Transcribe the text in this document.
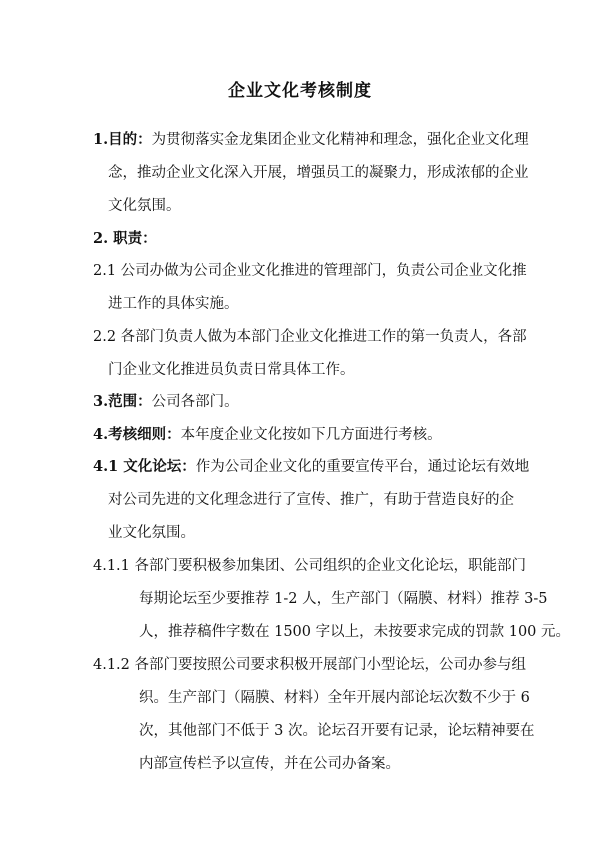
企业文化考核制度
1.目的：为贯彻落实金龙集团企业文化精神和理念，强化企业文化理
念，推动企业文化深入开展，增强员工的凝聚力，形成浓郁的企业
文化氛围。
2. 职责：
2.1 公司办做为公司企业文化推进的管理部门，负责公司企业文化推
进工作的具体实施。
2.2 各部门负责人做为本部门企业文化推进工作的第一负责人，各部
门企业文化推进员负责日常具体工作。
3.范围：公司各部门。
4.考核细则：本年度企业文化按如下几方面进行考核。
4.1 文化论坛：作为公司企业文化的重要宣传平台，通过论坛有效地
对公司先进的文化理念进行了宣传、推广，有助于营造良好的企
业文化氛围。
4.1.1 各部门要积极参加集团、公司组织的企业文化论坛，职能部门
每期论坛至少要推荐 1-2 人，生产部门（隔膜、材料）推荐 3-5
人，推荐稿件字数在 1500 字以上，未按要求完成的罚款 100 元。
4.1.2 各部门要按照公司要求积极开展部门小型论坛，公司办参与组
织。生产部门（隔膜、材料）全年开展内部论坛次数不少于 6
次，其他部门不低于 3 次。论坛召开要有记录，论坛精神要在
内部宣传栏予以宣传，并在公司办备案。
